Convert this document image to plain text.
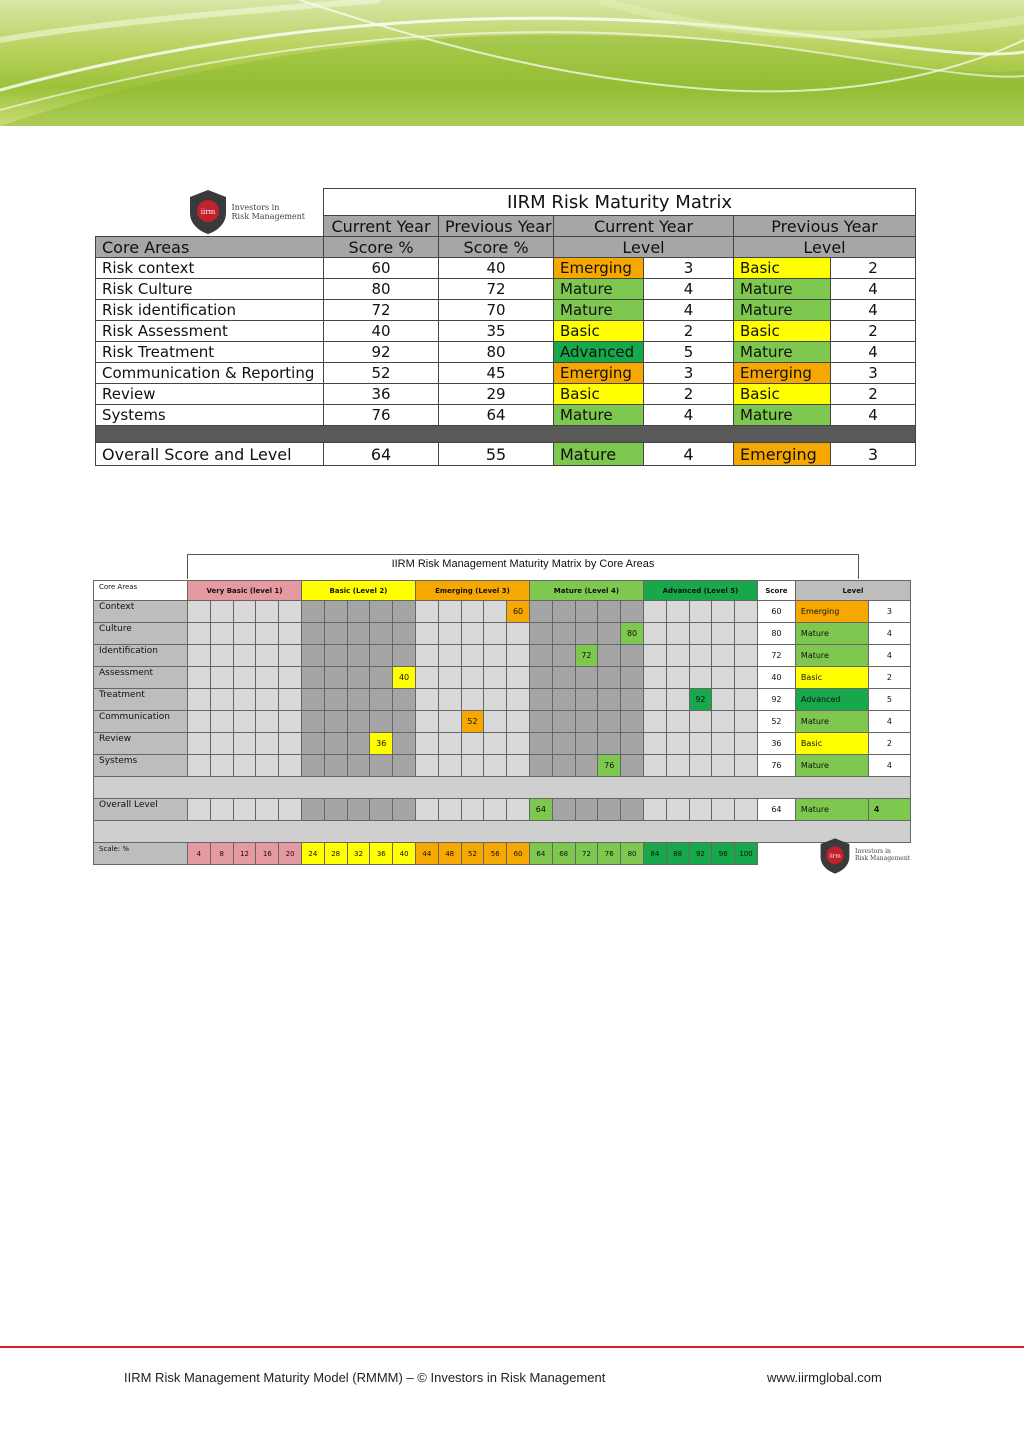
iirm
Investors in
Risk Management	IIRM Risk Maturity Matrix					
	Current Year	Previous Year	Current Year		Previous Year	
Core Areas	Score %	Score %	Level		Level	
Risk context	60	40	Emerging	3	Basic	2
Risk Culture	80	72	Mature	4	Mature	4
Risk identification	72	70	Mature	4	Mature	4
Risk Assessment	40	35	Basic	2	Basic	2
Risk Treatment	92	80	Advanced	5	Mature	4
Communication & Reporting	52	45	Emerging	3	Emerging	3
Review	36	29	Basic	2	Basic	2
Systems	76	64	Mature	4	Mature	4

Overall Score and Level	64	55	Mature	4	Emerging	3
IIRM Risk Management Maturity Matrix by Core Areas
Core Areas	Very Basic (level 1)					Basic (Level 2)					Emerging (Level 3)					Mature (Level 4)					Advanced (Level 5)					Score	Level	
Context															60											60	Emerging	3
Culture																				80						80	Mature	4
Identification																		72								72	Mature	4
Assessment										40																40	Basic	2
Treatment																							92			92	Advanced	5
Communication													52													52	Mature	4
Review									36																	36	Basic	2
Systems																			76							76	Mature	4

Overall Level																64										64	Mature	4

Scale: %	4	8	12	16	20	24	28	32	36	40	44	48	52	56	60	64	68	72	76	80	84	88	92	96	100				iirm
Investors in
Risk Management
IIRM Risk Management Maturity Model (RMMM) – © Investors in Risk Management	www.iirmglobal.com
